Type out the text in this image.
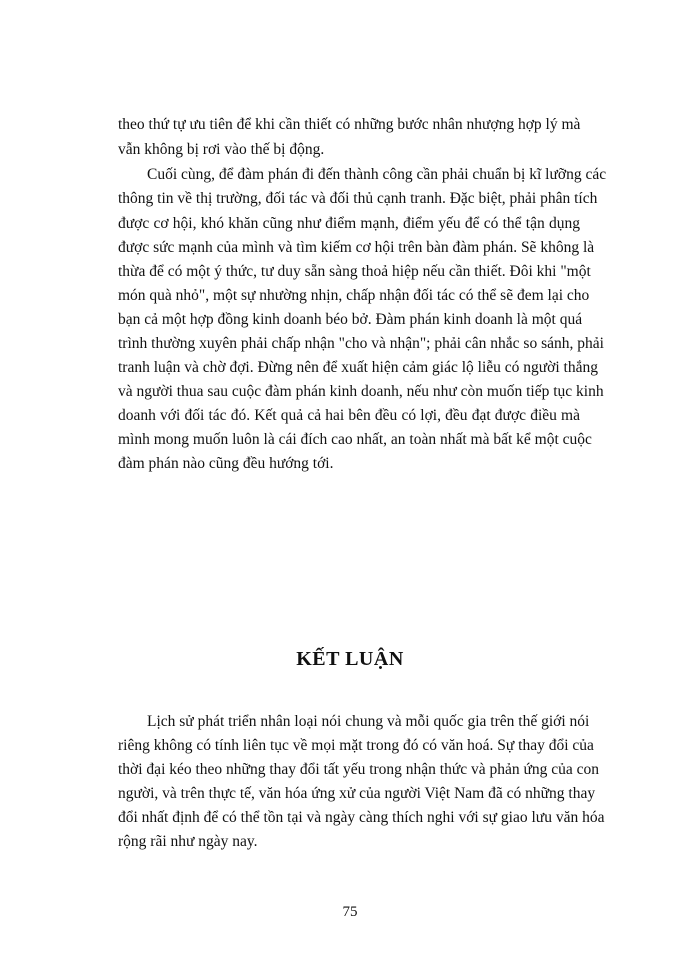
theo thứ tự ưu tiên để khi cần thiết có những bước nhân nhượng hợp lý mà
vẫn không bị rơi vào thế bị động.
Cuối cùng, để đàm phán đi đến thành công cần phải chuẩn bị kĩ lưỡng các
thông tin về thị trường, đối tác và đối thủ cạnh tranh. Đặc biệt, phải phân tích
được cơ hội, khó khăn cũng như điểm mạnh, điểm yếu để có thể tận dụng
được sức mạnh của mình và tìm kiếm cơ hội trên bàn đàm phán. Sẽ không là
thừa để có một ý thức, tư duy sẵn sàng thoả hiệp nếu cần thiết. Đôi khi "một
món quà nhỏ", một sự nhường nhịn, chấp nhận đối tác có thể sẽ đem lại cho
bạn cả một hợp đồng kinh doanh béo bở. Đàm phán kinh doanh là một quá
trình thường xuyên phải chấp nhận "cho và nhận"; phải cân nhắc so sánh, phải
tranh luận và chờ đợi. Đừng nên để xuất hiện cảm giác lộ liễu có người thắng
và người thua sau cuộc đàm phán kinh doanh, nếu như còn muốn tiếp tục kinh
doanh với đối tác đó. Kết quả cả hai bên đều có lợi, đều đạt được điều mà
mình mong muốn luôn là cái đích cao nhất, an toàn nhất mà bất kể một cuộc
đàm phán nào cũng đều hướng tới.
KẾT LUẬN
Lịch sử phát triển nhân loại nói chung và mỗi quốc gia trên thế giới nói
riêng không có tính liên tục về mọi mặt trong đó có văn hoá. Sự thay đổi của
thời đại kéo theo những thay đổi tất yếu trong nhận thức và phản ứng của con
người, và trên thực tế, văn hóa ứng xử của người Việt Nam đã có những thay
đổi nhất định để có thể tồn tại và ngày càng thích nghi với sự giao lưu văn hóa
rộng rãi như ngày nay.
75
